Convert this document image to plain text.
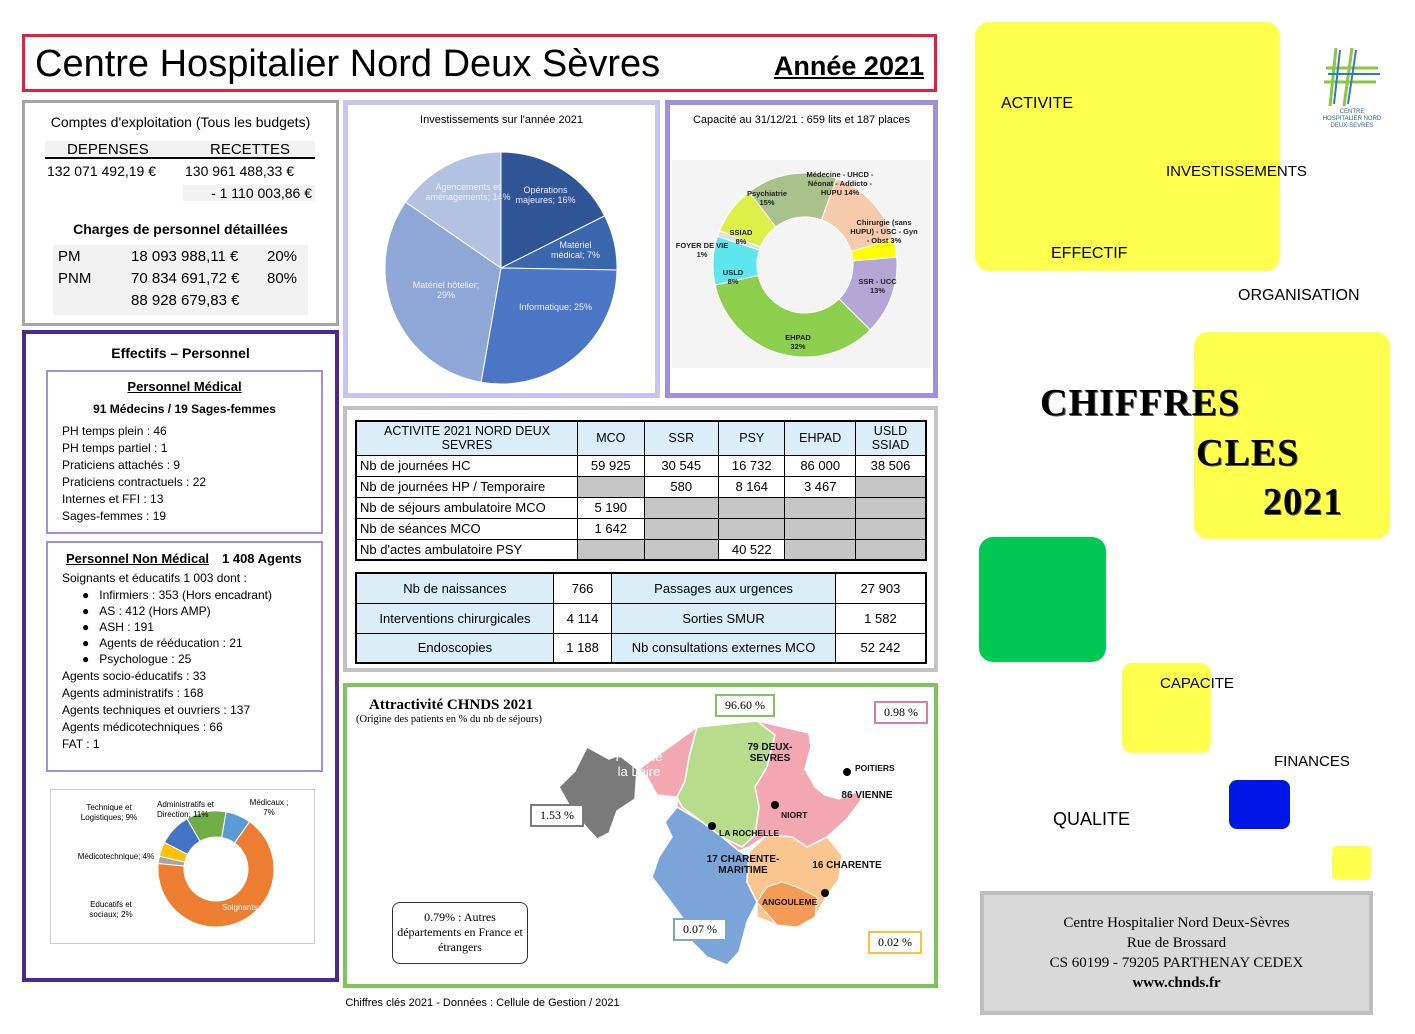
Centre Hospitalier Nord Deux Sèvres	Année 2021
Comptes d'exploitation (Tous les budgets)
DEPENSES	RECETTES
132 071 492,19 € 130 961 488,33 €
- 1 110 003,86 €
Charges de personnel détaillées
PM	18 093 988,11 € 20%
PNM	70 834 691,72 € 80%
88 928 679,83 €
Investissements sur l'année 2021
Opérations majeures; 16%
Matériel médical; 7%
Informatique; 25%
Matériel hôtelier; 29%
Agencements et aménagements; 14%
Capacité au 31/12/21 : 659 lits et 187 places
Médecine - UHCD - Néonat - Addicto - HUPU 14%
Chirurgie (sans HUPU) - USC - Gyn - Obst 3%
SSR - UCC 13%
EHPAD 32%
USLD 8%
FOYER DE VIE 1%
SSIAD 8%
Psychiatrie 15%
Effectifs – Personnel
Personnel Médical
91 Médecins / 19 Sages-femmes
PH temps plein : 46
PH temps partiel : 1
Praticiens attachés : 9
Praticiens contractuels : 22
Internes et FFI : 13
Sages-femmes : 19
Personnel Non Médical 1 408 Agents
Soignants et éducatifs 1 003 dont :
●   Infirmiers : 353 (Hors encadrant)
●   AS : 412 (Hors AMP)
●   ASH : 191
●   Agents de rééducation : 21
●   Psychologue : 25
Agents socio-éducatifs : 33
Agents administratifs : 168
Agents techniques et ouvriers : 137
Agents médicotechniques : 66
FAT : 1
Technique et Logistiques; 9%
Administratifs et Direction; 11%
Médicaux ; 7%
Médicotechnique; 4%
Educatifs et sociaux; 2%
Soignants; 66%
ACTIVITE 2021 NORD DEUX SEVRES	MCO	SSR	PSY	EHPAD	USLD SSIAD
Nb de journées HC	59 925	30 545	16 732	86 000	38 506
Nb de journées HP / Temporaire		580	8 164	3 467	
Nb de séjours ambulatoire MCO	5 190				
Nb de séances MCO	1 642				
Nb d'actes ambulatoire PSY			40 522		
Nb de naissances	766	Passages aux urgences	27 903
Interventions chirurgicales	4 114	Sorties SMUR	1 582
Endoscopies	1 188	Nb consultations externes MCO	52 242
Attractivité CHNDS 2021
(Origine des patients en % du nb de séjours)
Pays de la Loire
79 DEUX-SEVRES
86 VIENNE
17 CHARENTE-MARITIME	16 CHARENTE
POITIERS
NIORT
LA ROCHELLE
ANGOULEME
96.60 %	0.98 %
1.53 %
0.07 %
0.02 %
0.79% : Autres départements en France et étrangers
Chiffres clés 2021 - Données : Cellule de Gestion / 2021
CENTRE HOSPITALIER NORD DEUX-SEVRES
ACTIVITE
INVESTISSEMENTS
EFFECTIF
ORGANISATION
CHIFFRES
CLES
2021
CAPACITE
FINANCES
QUALITE
Centre Hospitalier Nord Deux-Sèvres
Rue de Brossard
CS 60199 - 79205 PARTHENAY CEDEX
www.chnds.fr
